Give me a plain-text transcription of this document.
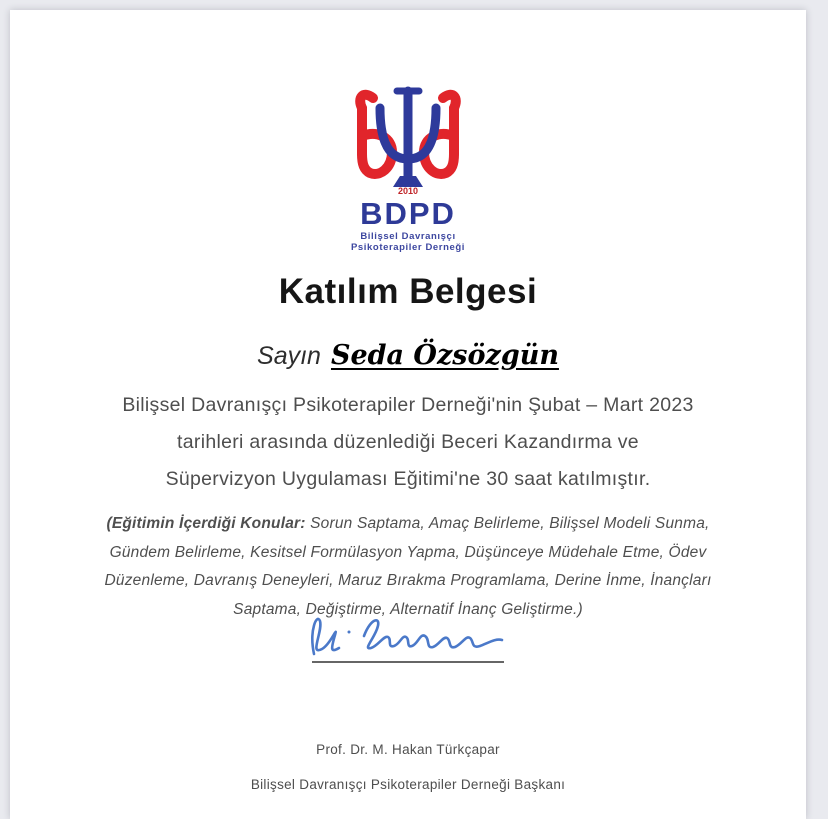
2010
BDPD
Bilişsel Davranışçı
Psikoterapiler Derneği
Katılım Belgesi
Sayın Seda Özsözgün
Bilişsel Davranışçı Psikoterapiler Derneği'nin Şubat – Mart 2023
tarihleri arasında düzenlediği Beceri Kazandırma ve
Süpervizyon Uygulaması Eğitimi'ne 30 saat katılmıştır.

(Eğitimin İçerdiği Konular: Sorun Saptama, Amaç Belirleme, Bilişsel Modeli Sunma, Gündem Belirleme, Kesitsel Formülasyon Yapma, Düşünceye Müdehale Etme, Ödev Düzenleme, Davranış Deneyleri, Maruz Bırakma Programlama, Derine İnme, İnançları Saptama, Değiştirme, Alternatif İnanç Geliştirme.)

Prof. Dr. M. Hakan Türkçapar
Bilişsel Davranışçı Psikoterapiler Derneği Başkanı
